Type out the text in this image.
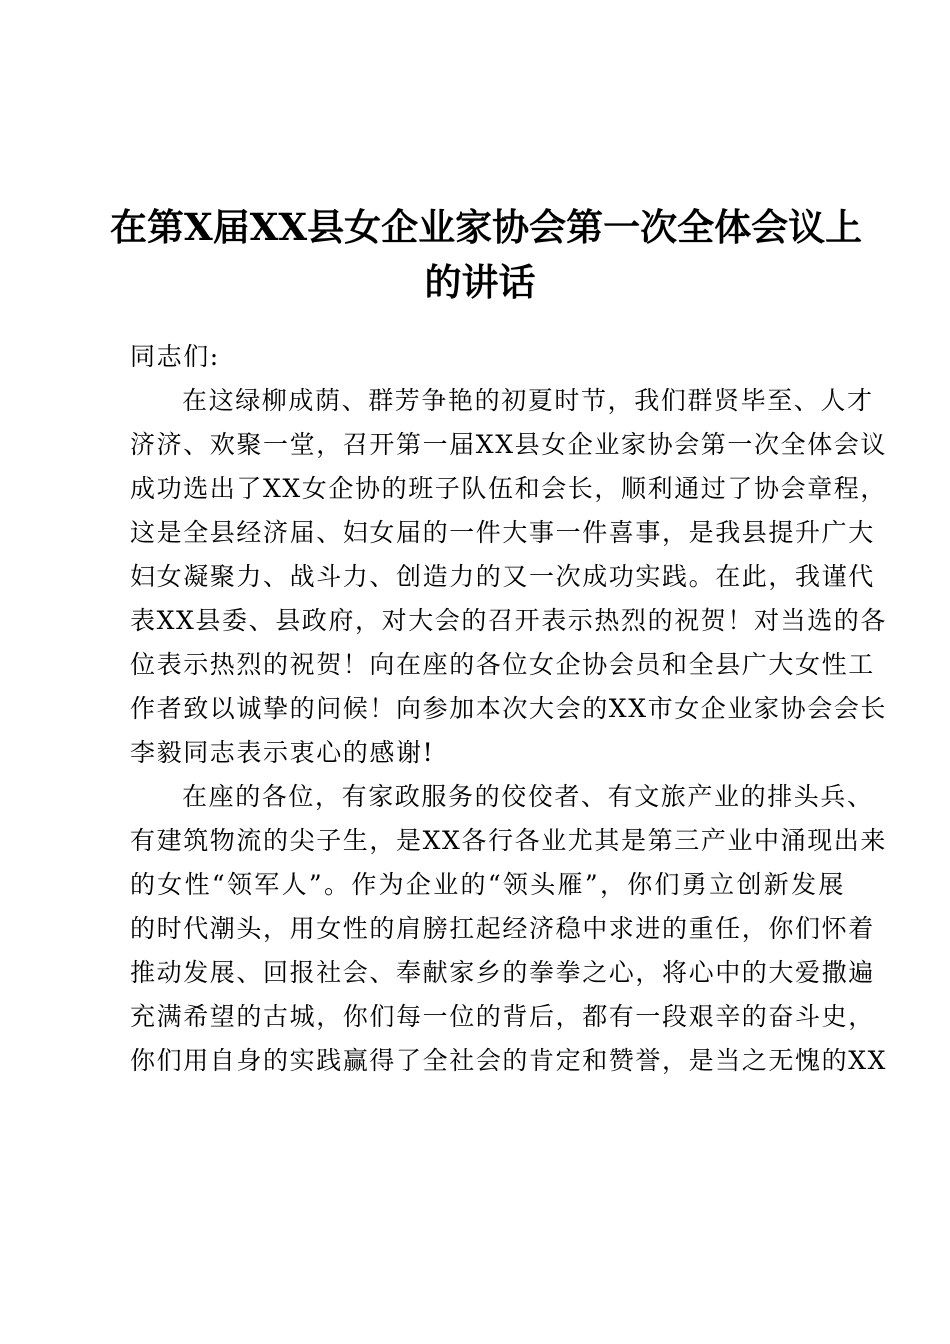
在第X届XX县女企业家协会第一次全体会议上
的讲话

同志们:

在这绿柳成荫、群芳争艳的初夏时节，我们群贤毕至、人才
济济、欢聚一堂，召开第一届XX县女企业家协会第一次全体会议
成功选出了XX女企协的班子队伍和会长，顺利通过了协会章程，
这是全县经济届、妇女届的一件大事一件喜事，是我县提升广大
妇女凝聚力、战斗力、创造力的又一次成功实践。在此，我谨代
表XX县委、县政府，对大会的召开表示热烈的祝贺！对当选的各
位表示热烈的祝贺！向在座的各位女企协会员和全县广大女性工
作者致以诚挚的问候！向参加本次大会的XX市女企业家协会会长
李毅同志表示衷心的感谢!
在座的各位，有家政服务的佼佼者、有文旅产业的排头兵、
有建筑物流的尖子生，是XX各行各业尤其是第三产业中涌现出来
的女性“领军人”。作为企业的“领头雁”，你们勇立创新发展
的时代潮头，用女性的肩膀扛起经济稳中求进的重任，你们怀着
推动发展、回报社会、奉献家乡的拳拳之心，将心中的大爱撒遍
充满希望的古城，你们每一位的背后，都有一段艰辛的奋斗史，
你们用自身的实践赢得了全社会的肯定和赞誉，是当之无愧的XX
